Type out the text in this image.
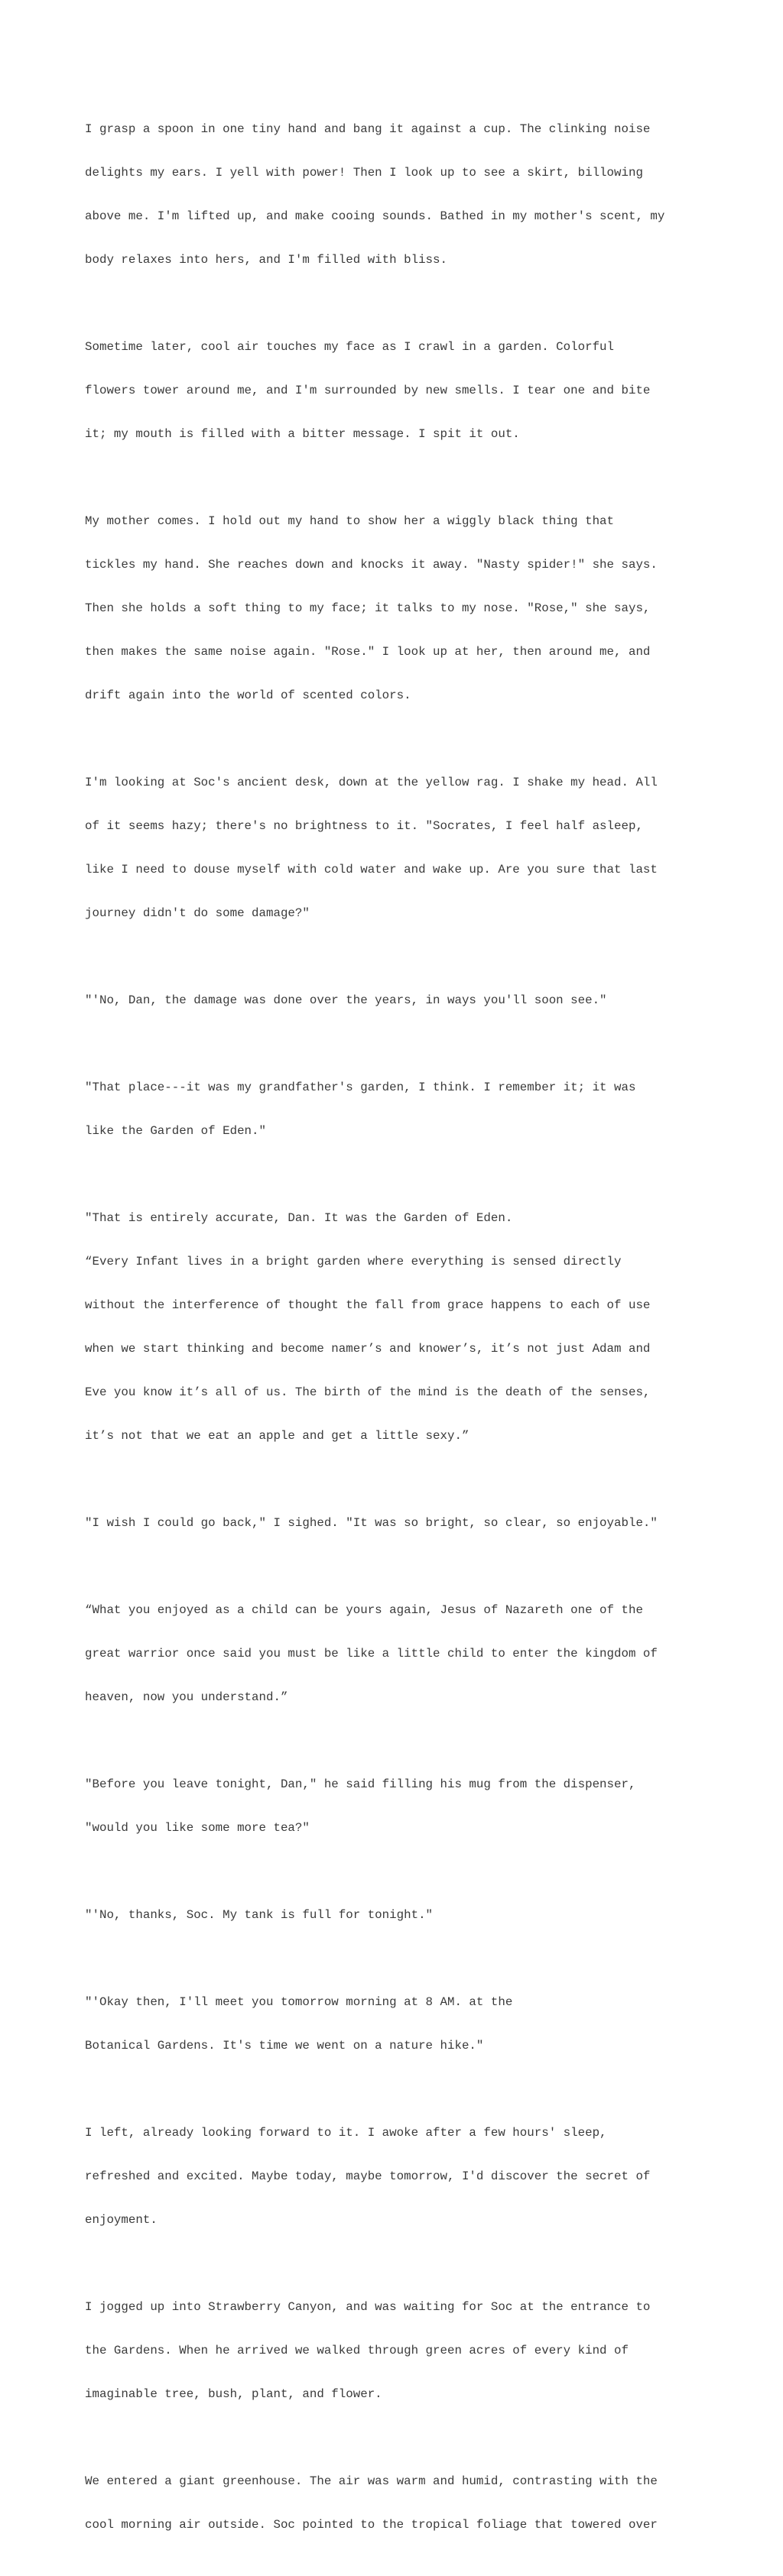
I grasp a spoon in one tiny hand and bang it against a cup. The clinking noise

delights my ears. I yell with power! Then I look up to see a skirt, billowing

above me. I'm lifted up, and make cooing sounds. Bathed in my mother's scent, my

body relaxes into hers, and I'm filled with bliss.

Sometime later, cool air touches my face as I crawl in a garden. Colorful

flowers tower around me, and I'm surrounded by new smells. I tear one and bite

it; my mouth is filled with a bitter message. I spit it out.

My mother comes. I hold out my hand to show her a wiggly black thing that

tickles my hand. She reaches down and knocks it away. "Nasty spider!" she says.

Then she holds a soft thing to my face; it talks to my nose. "Rose," she says,

then makes the same noise again. "Rose." I look up at her, then around me, and

drift again into the world of scented colors.

I'm looking at Soc's ancient desk, down at the yellow rag. I shake my head. All

of it seems hazy; there's no brightness to it. "Socrates, I feel half asleep,

like I need to douse myself with cold water and wake up. Are you sure that last

journey didn't do some damage?"

"'No, Dan, the damage was done over the years, in ways you'll soon see."

"That place---it was my grandfather's garden, I think. I remember it; it was

like the Garden of Eden."

"That is entirely accurate, Dan. It was the Garden of Eden.

“Every Infant lives in a bright garden where everything is sensed directly

without the interference of thought the fall from grace happens to each of use

when we start thinking and become namer’s and knower’s, it’s not just Adam and

Eve you know it’s all of us. The birth of the mind is the death of the senses,

it’s not that we eat an apple and get a little sexy.”

"I wish I could go back," I sighed. "It was so bright, so clear, so enjoyable."

“What you enjoyed as a child can be yours again, Jesus of Nazareth one of the

great warrior once said you must be like a little child to enter the kingdom of

heaven, now you understand.”

"Before you leave tonight, Dan," he said filling his mug from the dispenser,

"would you like some more tea?"

"'No, thanks, Soc. My tank is full for tonight."

"'Okay then, I'll meet you tomorrow morning at 8 AM. at the

Botanical Gardens. It's time we went on a nature hike."

I left, already looking forward to it. I awoke after a few hours' sleep,

refreshed and excited. Maybe today, maybe tomorrow, I'd discover the secret of

enjoyment.

I jogged up into Strawberry Canyon, and was waiting for Soc at the entrance to

the Gardens. When he arrived we walked through green acres of every kind of

imaginable tree, bush, plant, and flower.

We entered a giant greenhouse. The air was warm and humid, contrasting with the

cool morning air outside. Soc pointed to the tropical foliage that towered over
